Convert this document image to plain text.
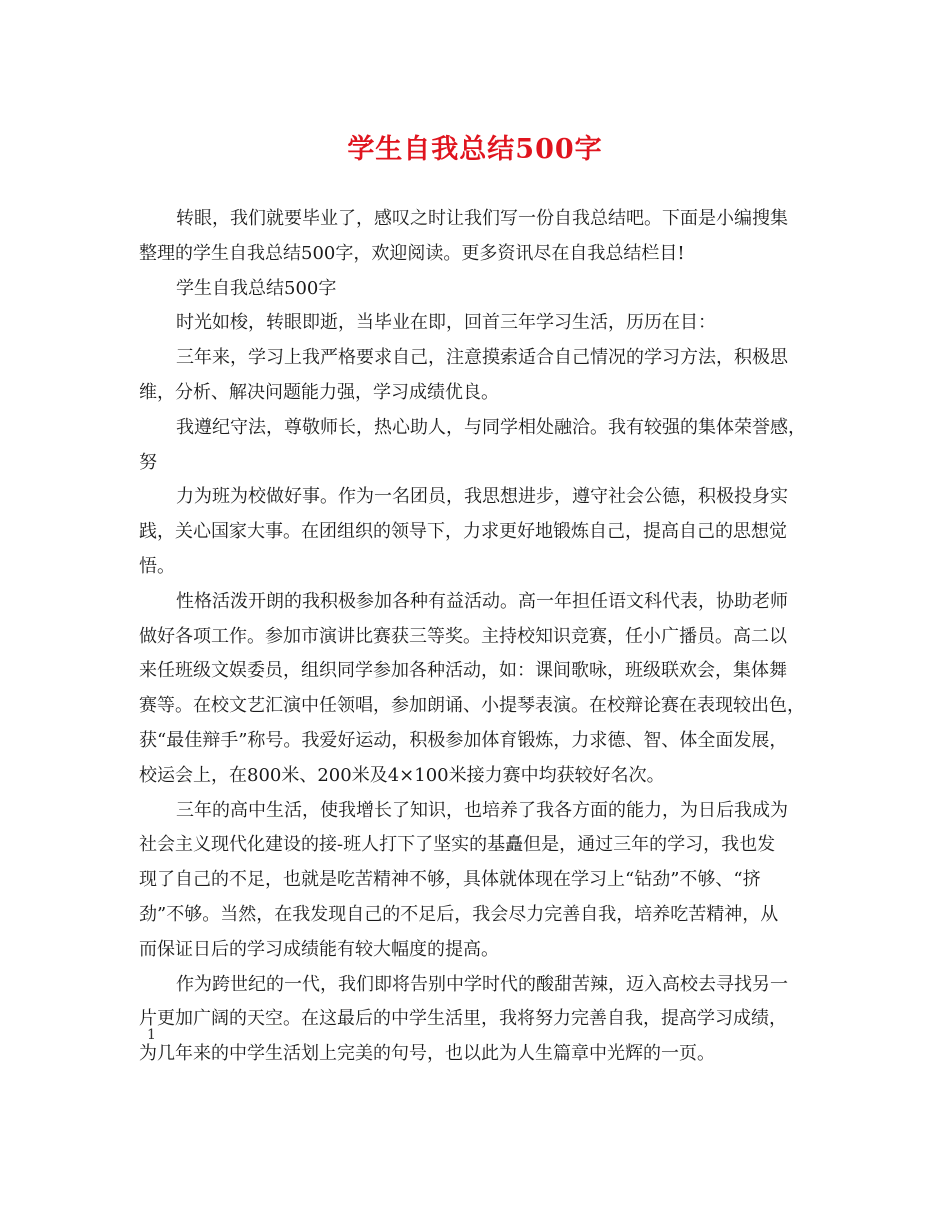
学生自我总结500字
转眼，我们就要毕业了，感叹之时让我们写一份自我总结吧。下面是小编搜集
整理的学生自我总结500字，欢迎阅读。更多资讯尽在自我总结栏目!
学生自我总结500字
时光如梭，转眼即逝，当毕业在即，回首三年学习生活，历历在目：
三年来，学习上我严格要求自己，注意摸索适合自己情况的学习方法，积极思
维，分析、解决问题能力强，学习成绩优良。
我遵纪守法，尊敬师长，热心助人，与同学相处融洽。我有较强的集体荣誉感，
努
力为班为校做好事。作为一名团员，我思想进步，遵守社会公德，积极投身实
践，关心国家大事。在团组织的领导下，力求更好地锻炼自己，提高自己的思想觉
悟。
性格活泼开朗的我积极参加各种有益活动。高一年担任语文科代表，协助老师
做好各项工作。参加市演讲比赛获三等奖。主持校知识竞赛，任小广播员。高二以
来任班级文娱委员，组织同学参加各种活动，如：课间歌咏，班级联欢会，集体舞
赛等。在校文艺汇演中任领唱，参加朗诵、小提琴表演。在校辩论赛在表现较出色，
获“最佳辩手”称号。我爱好运动，积极参加体育锻炼，力求德、智、体全面发展，
校运会上，在800米、200米及4×100米接力赛中均获较好名次。
三年的高中生活，使我增长了知识，也培养了我各方面的能力，为日后我成为
社会主义现代化建设的接-班人打下了坚实的基矗但是，通过三年的学习，我也发
现了自己的不足，也就是吃苦精神不够，具体就体现在学习上“钻劲”不够、“挤
劲”不够。当然，在我发现自己的不足后，我会尽力完善自我，培养吃苦精神，从
而保证日后的学习成绩能有较大幅度的提高。
作为跨世纪的一代，我们即将告别中学时代的酸甜苦辣，迈入高校去寻找另一
片更加广阔的天空。在这最后的中学生活里，我将努力完善自我，提高学习成绩，
为几年来的中学生活划上完美的句号，也以此为人生篇章中光辉的一页。
1
